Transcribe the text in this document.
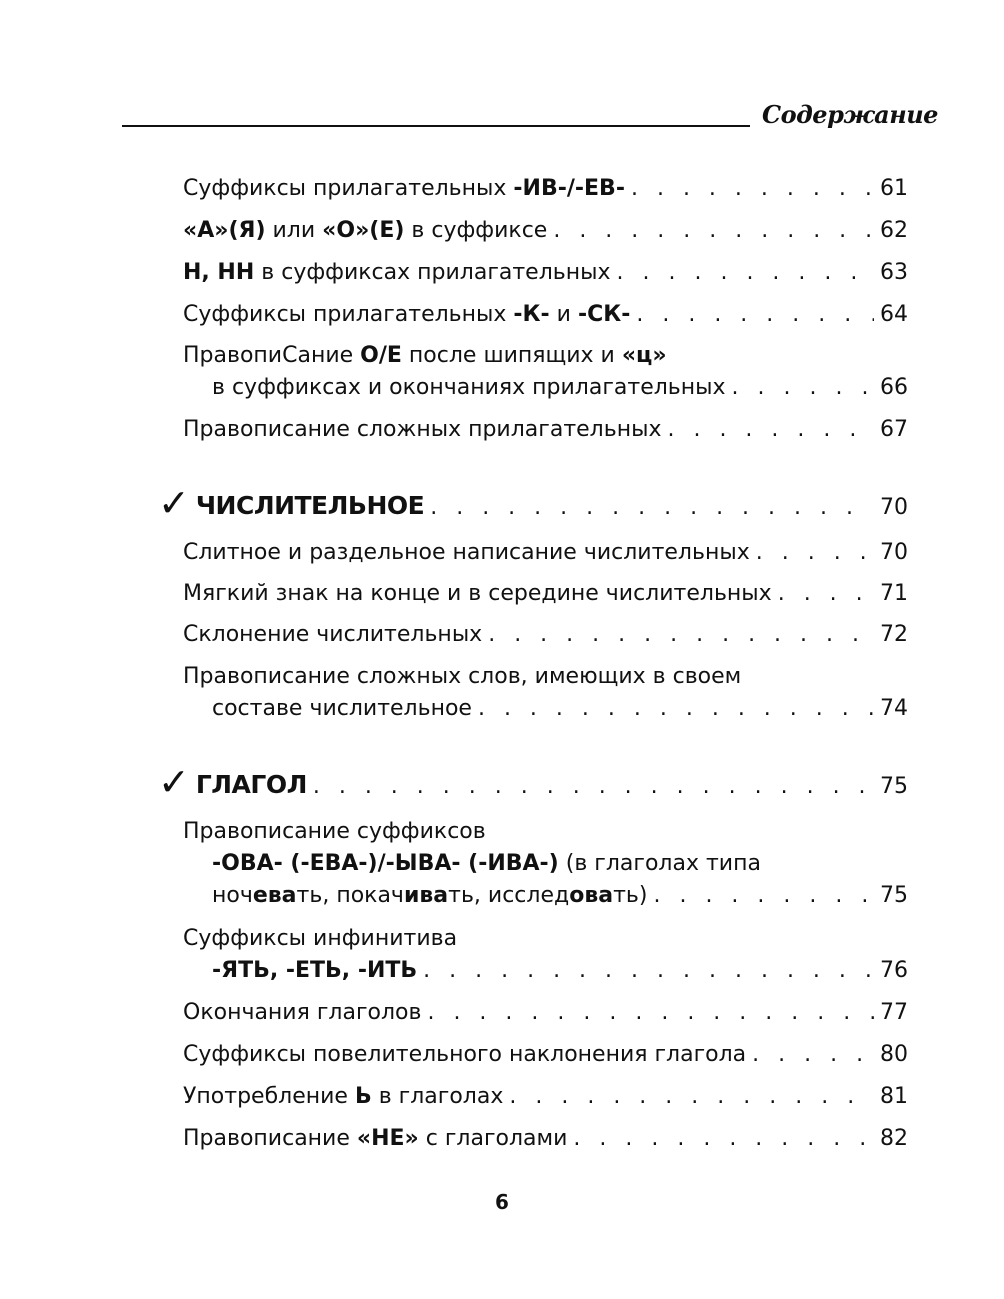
Содержание
Суффиксы прилагательных -ИВ-/-ЕВ- . . .	61
«А»(Я) или «О»(Е) в суффиксе . . .	62
Н, НН в суффиксах прилагательных . . .	63
Суффиксы прилагательных -К- и -СК- . . .	64
ПравопиСание О/Е после шипящих и «ц»
в суффиксах и окончаниях прилагательных . . .	66
Правописание сложных прилагательных . . .	67
✓ ЧИСЛИТЕЛЬНОЕ . . .	70
Слитное и раздельное написание числительных . . .	70
Мягкий знак на конце и в середине числительных . . .	71
Склонение числительных . . .	72
Правописание сложных слов, имеющих в своем
составе числительное . . .	74
✓ ГЛАГОЛ . . .	75
Правописание суффиксов
-ОВА- (-ЕВА-)/-ЫВА- (-ИВА-) (в глаголах типа
ночевать, покачивать, исследовать) . . .	75
Суффиксы инфинитива
-ЯТЬ, -ЕТЬ, -ИТЬ . . .	76
Окончания глаголов . . .	77
Суффиксы повелительного наклонения глагола . . .	80
Употребление Ь в глаголах . . .	81
Правописание «НЕ» с глаголами . . .	82
6
